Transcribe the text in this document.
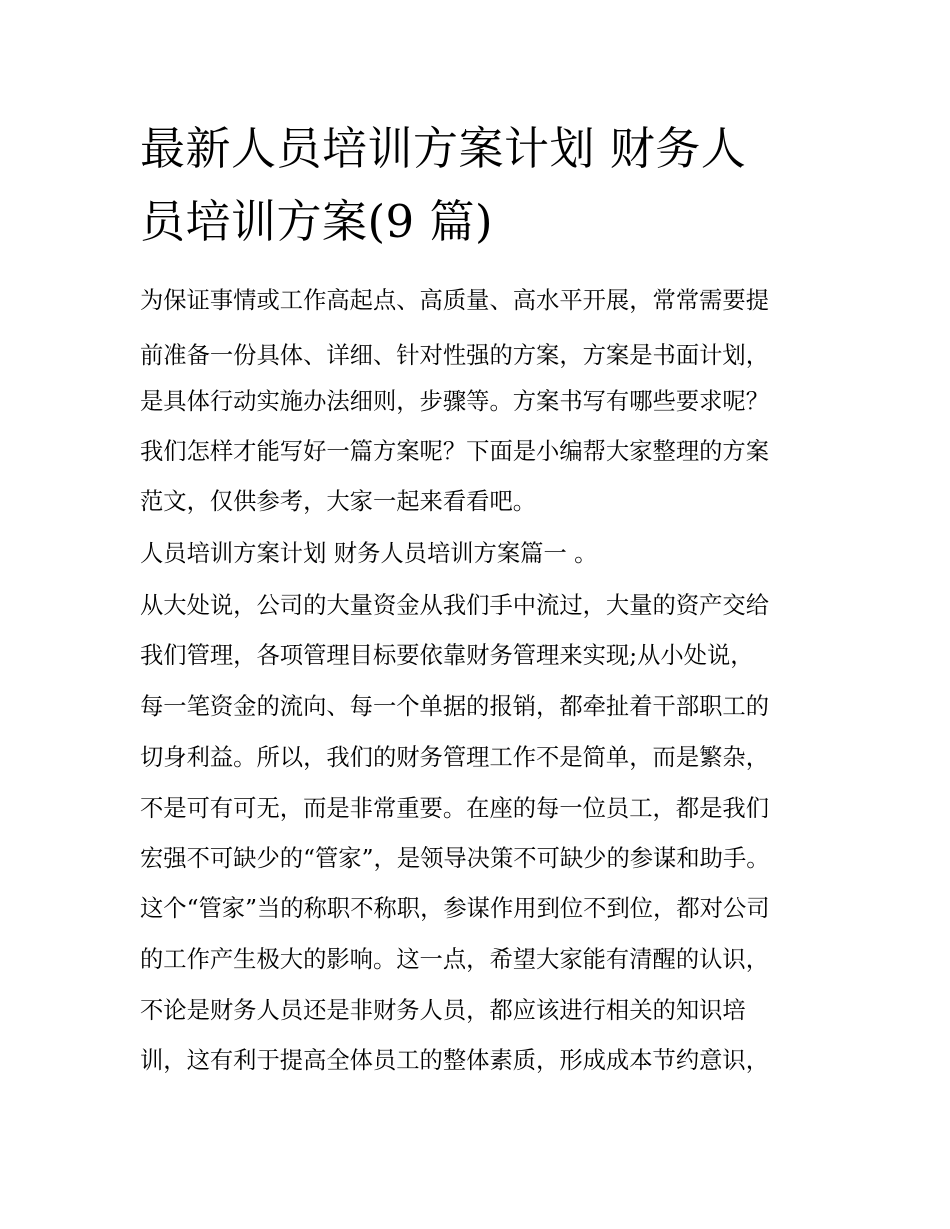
最新人员培训方案计划 财务人
员培训方案(9 篇)

为保证事情或工作高起点、高质量、高水平开展，常常需要提

前准备一份具体、详细、针对性强的方案，方案是书面计划，

是具体行动实施办法细则，步骤等。方案书写有哪些要求呢？

我们怎样才能写好一篇方案呢？下面是小编帮大家整理的方案

范文，仅供参考，大家一起来看看吧。

人员培训方案计划 财务人员培训方案篇一 。

从大处说，公司的大量资金从我们手中流过，大量的资产交给

我们管理，各项管理目标要依靠财务管理来实现;从小处说，

每一笔资金的流向、每一个单据的报销，都牵扯着干部职工的

切身利益。所以，我们的财务管理工作不是简单，而是繁杂，

不是可有可无，而是非常重要。在座的每一位员工，都是我们

宏强不可缺少的“管家”，是领导决策不可缺少的参谋和助手。

这个“管家”当的称职不称职，参谋作用到位不到位，都对公司

的工作产生极大的影响。这一点，希望大家能有清醒的认识，

不论是财务人员还是非财务人员，都应该进行相关的知识培

训，这有利于提高全体员工的整体素质，形成成本节约意识，
